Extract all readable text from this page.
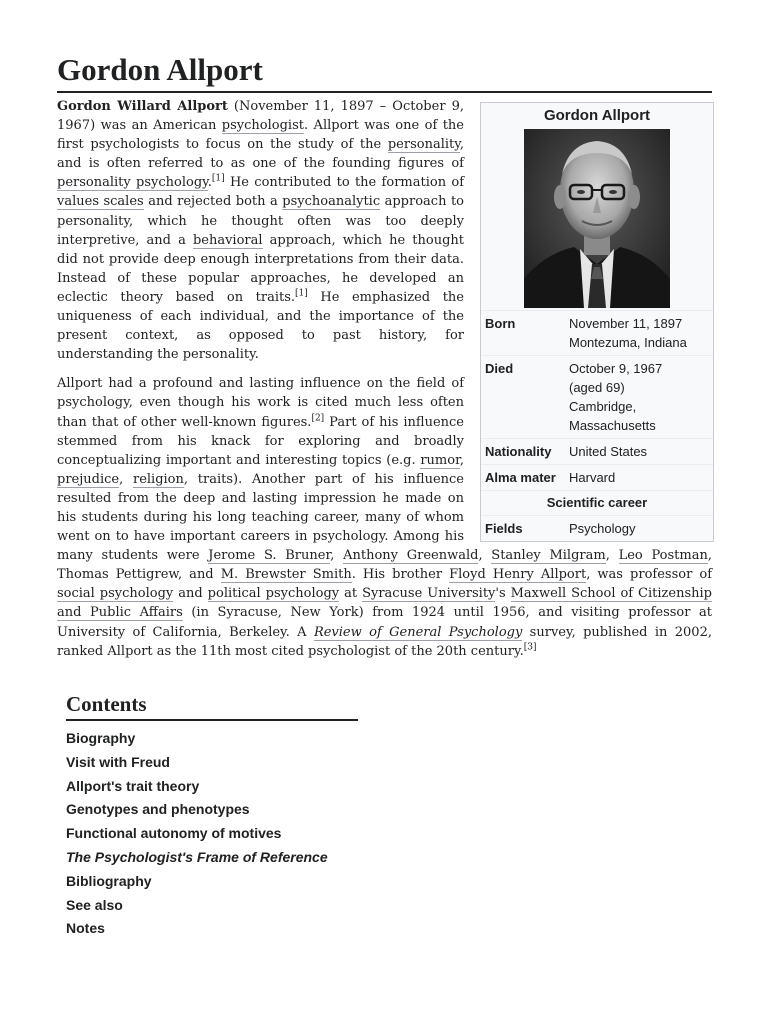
Gordon Allport
Gordon Allport
Born	November 11, 1897
Montezuma, Indiana
Died	October 9, 1967
(aged 69)
Cambridge,
Massachusetts
Nationality	United States
Alma mater	Harvard
Scientific career
Fields	Psychology

Gordon Willard Allport (November 11, 1897 – October 9, 1967) was an American psychologist. Allport was one of the first psychologists to focus on the study of the personality, and is often referred to as one of the founding figures of personality psychology.[1] He contributed to the formation of values scales and rejected both a psychoanalytic approach to personality, which he thought often was too deeply interpretive, and a behavioral approach, which he thought did not provide deep enough interpretations from their data. Instead of these popular approaches, he developed an eclectic theory based on traits.[1] He emphasized the uniqueness of each individual, and the importance of the present context, as opposed to past history, for understanding the personality.

Allport had a profound and lasting influence on the field of psychology, even though his work is cited much less often than that of other well-known figures.[2] Part of his influence stemmed from his knack for exploring and broadly conceptualizing important and interesting topics (e.g. rumor, prejudice, religion, traits). Another part of his influence resulted from the deep and lasting impression he made on his students during his long teaching career, many of whom went on to have important careers in psychology. Among his many students were Jerome S. Bruner, Anthony Greenwald, Stanley Milgram, Leo Postman, Thomas Pettigrew, and M. Brewster Smith. His brother Floyd Henry Allport, was professor of social psychology and political psychology at Syracuse University's Maxwell School of Citizenship and Public Affairs (in Syracuse, New York) from 1924 until 1956, and visiting professor at University of California, Berkeley. A Review of General Psychology survey, published in 2002, ranked Allport as the 11th most cited psychologist of the 20th century.[3]

Contents
Biography
Visit with Freud
Allport's trait theory
Genotypes and phenotypes
Functional autonomy of motives
The Psychologist's Frame of Reference
Bibliography
See also
Notes
